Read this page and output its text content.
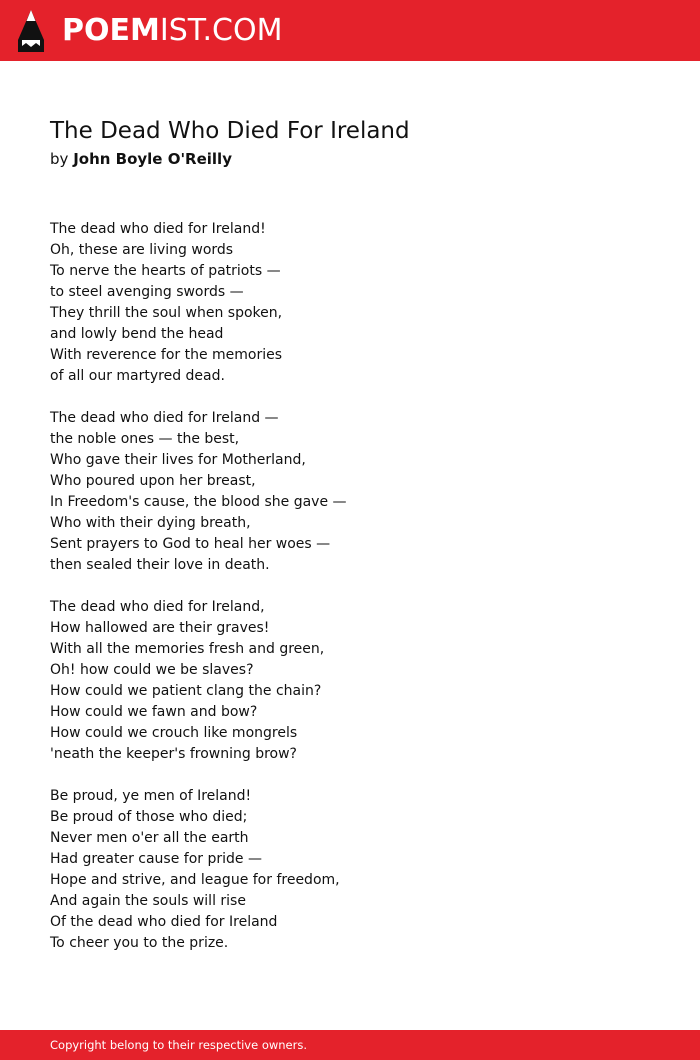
POEMIST.COM
The Dead Who Died For Ireland
by John Boyle O'Reilly
The dead who died for Ireland!
Oh, these are living words
To nerve the hearts of patriots —
to steel avenging swords —
They thrill the soul when spoken,
and lowly bend the head
With reverence for the memories
of all our martyred dead.
The dead who died for Ireland —
the noble ones — the best,
Who gave their lives for Motherland,
Who poured upon her breast,
In Freedom's cause, the blood she gave —
Who with their dying breath,
Sent prayers to God to heal her woes —
then sealed their love in death.
The dead who died for Ireland,
How hallowed are their graves!
With all the memories fresh and green,
Oh! how could we be slaves?
How could we patient clang the chain?
How could we fawn and bow?
How could we crouch like mongrels
'neath the keeper's frowning brow?
Be proud, ye men of Ireland!
Be proud of those who died;
Never men o'er all the earth
Had greater cause for pride —
Hope and strive, and league for freedom,
And again the souls will rise
Of the dead who died for Ireland
To cheer you to the prize.
Copyright belong to their respective owners.
